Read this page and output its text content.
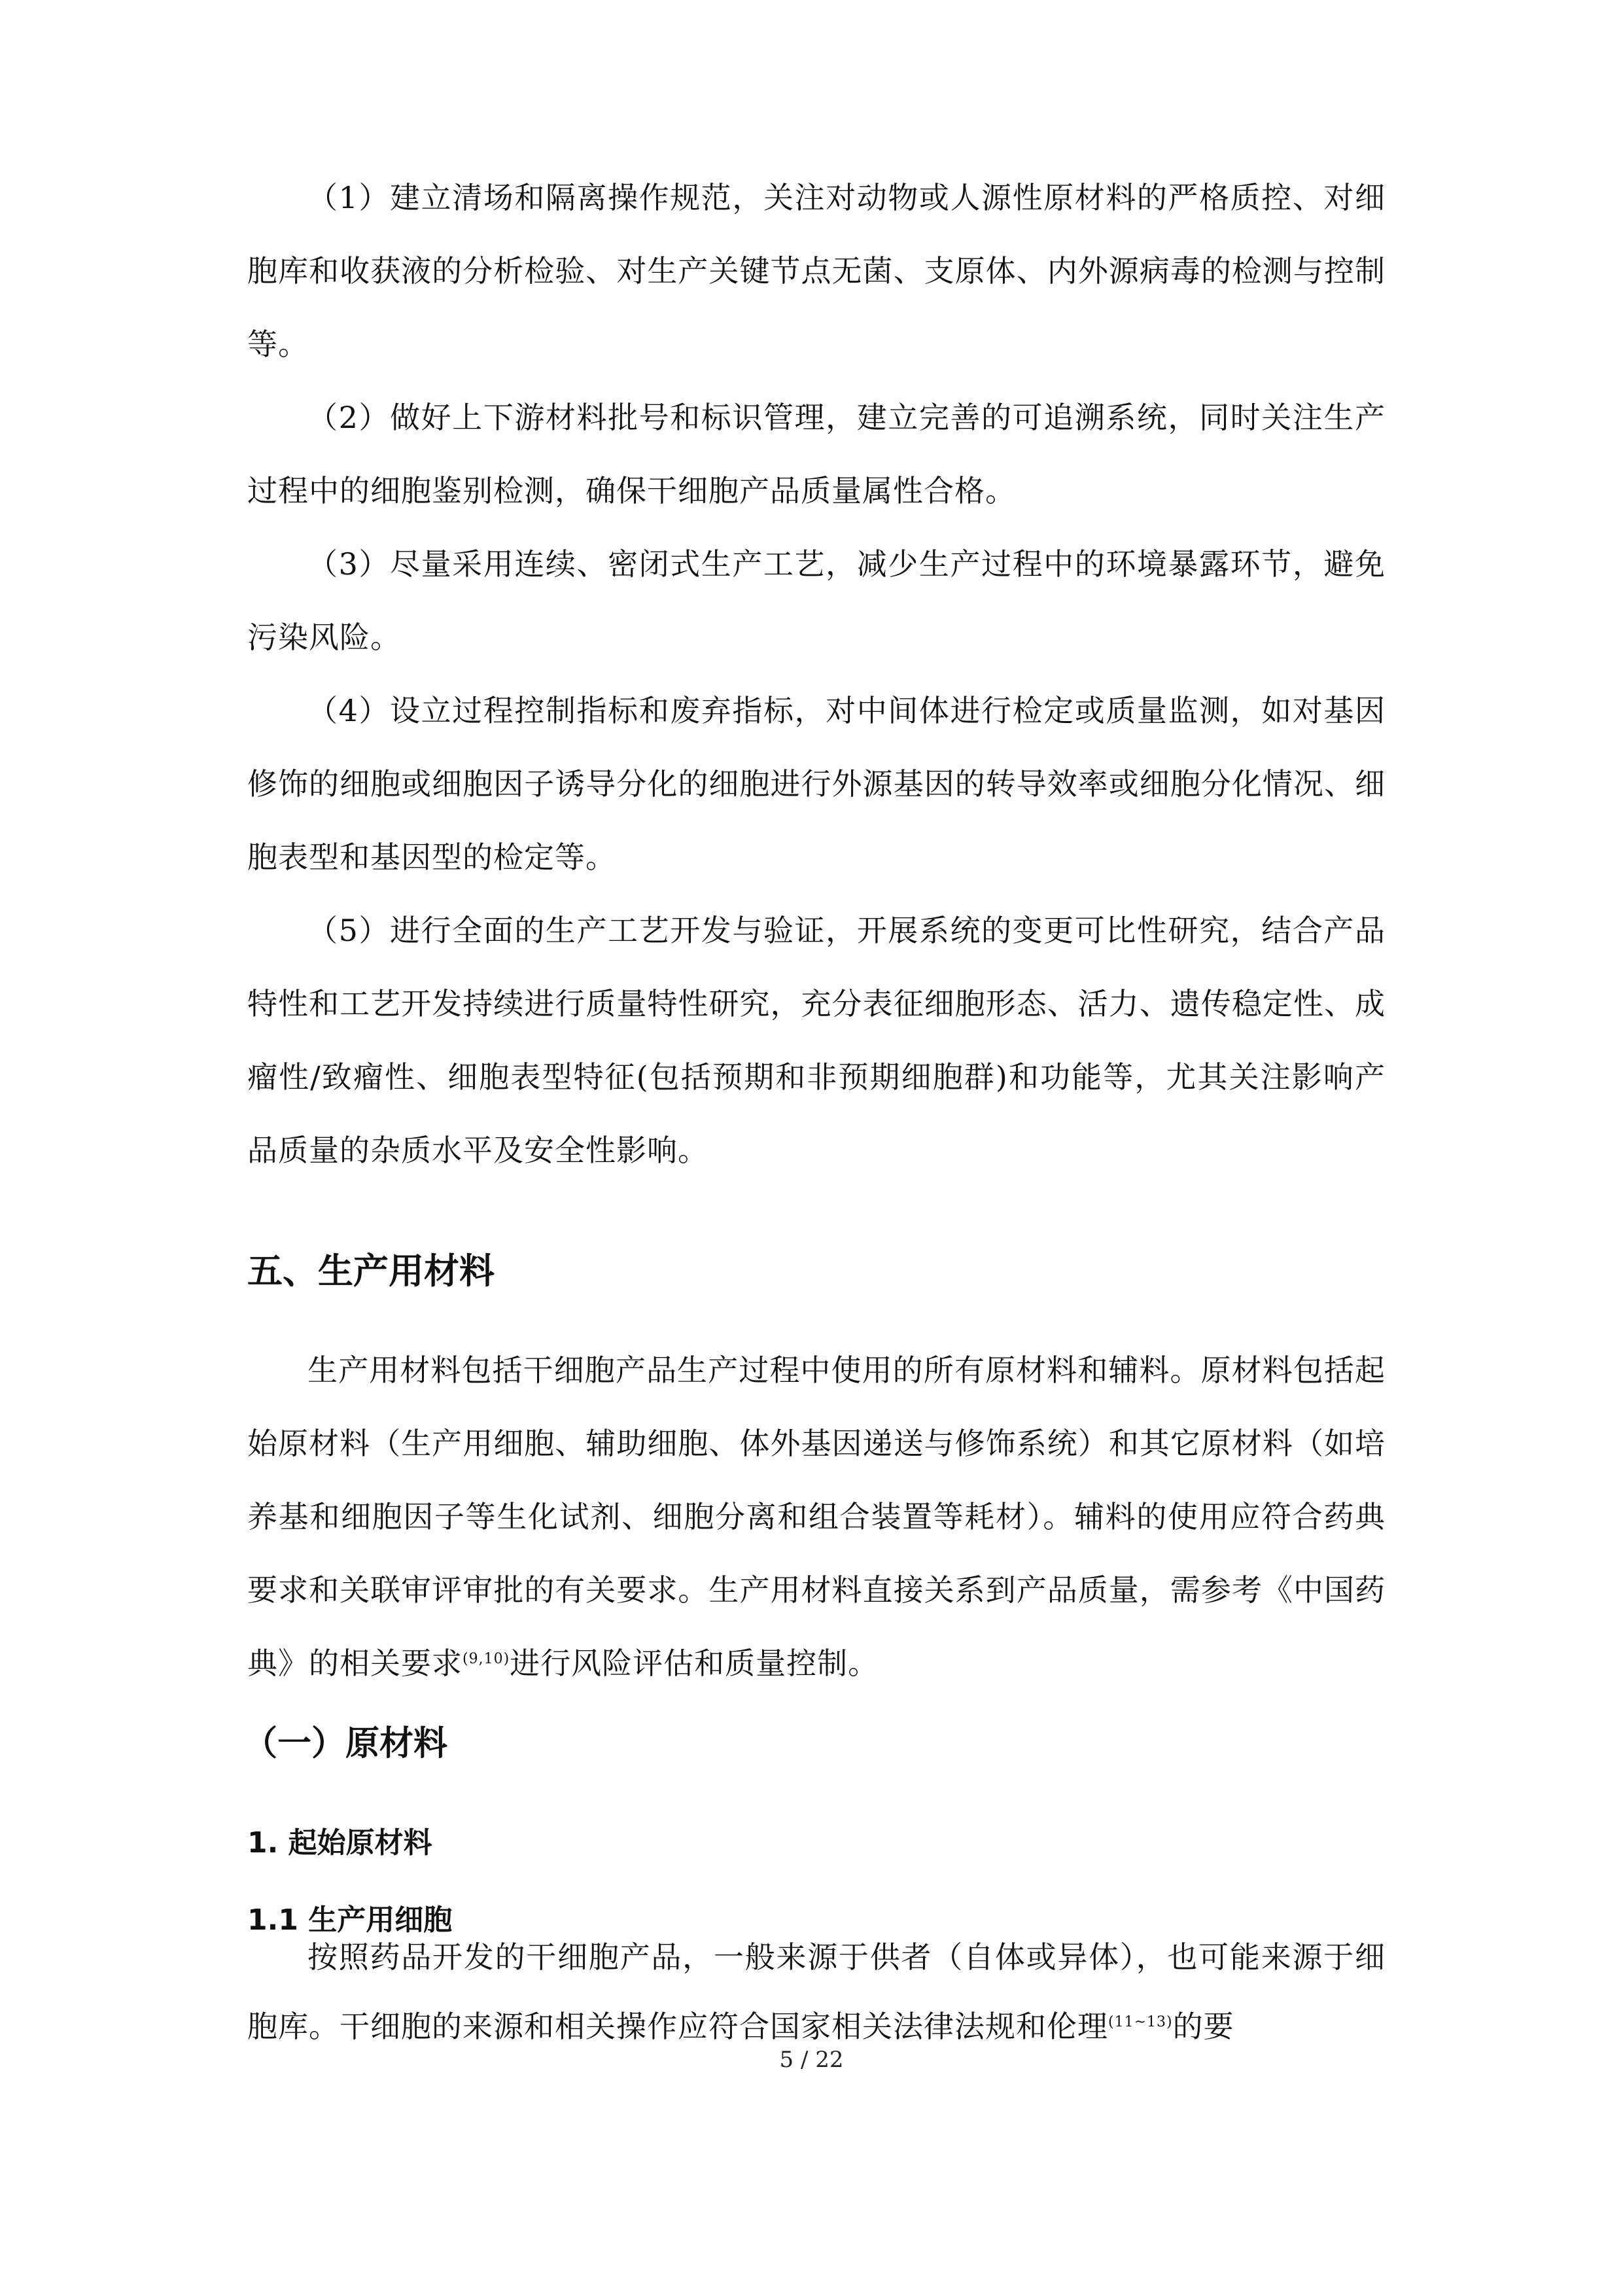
（1）建立清场和隔离操作规范，关注对动物或人源性原材料的严格质控、对细胞库和收获液的分析检验、对生产关键节点无菌、支原体、内外源病毒的检测与控制等。

（2）做好上下游材料批号和标识管理，建立完善的可追溯系统，同时关注生产过程中的细胞鉴别检测，确保干细胞产品质量属性合格。

（3）尽量采用连续、密闭式生产工艺，减少生产过程中的环境暴露环节，避免污染风险。

（4）设立过程控制指标和废弃指标，对中间体进行检定或质量监测，如对基因修饰的细胞或细胞因子诱导分化的细胞进行外源基因的转导效率或细胞分化情况、细胞表型和基因型的检定等。

（5）进行全面的生产工艺开发与验证，开展系统的变更可比性研究，结合产品特性和工艺开发持续进行质量特性研究，充分表征细胞形态、活力、遗传稳定性、成瘤性/致瘤性、细胞表型特征(包括预期和非预期细胞群)和功能等，尤其关注影响产品质量的杂质水平及安全性影响。

五、生产用材料

生产用材料包括干细胞产品生产过程中使用的所有原材料和辅料。原材料包括起始原材料（生产用细胞、辅助细胞、体外基因递送与修饰系统）和其它原材料（如培养基和细胞因子等生化试剂、细胞分离和组合装置等耗材）。辅料的使用应符合药典要求和关联审评审批的有关要求。生产用材料直接关系到产品质量，需参考《中国药典》的相关要求$^{(9,10)}$进行风险评估和质量控制。

（一）原材料
1. 起始原材料
1.1 生产用细胞

按照药品开发的干细胞产品，一般来源于供者（自体或异体），也可能来源于细胞库。干细胞的来源和相关操作应符合国家相关法律法规和伦理$^{(11\sim 13)}$的要

5 / 22
